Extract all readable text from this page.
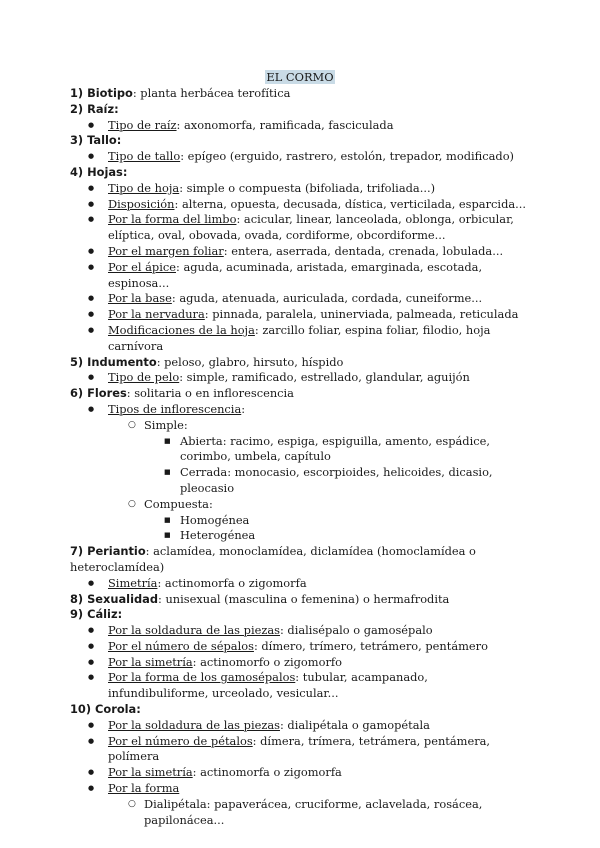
EL CORMO

1) Biotipo: planta herbácea terofítica

2) Raíz:

● Tipo de raíz: axonomorfa, ramificada, fasciculada

3) Tallo:

● Tipo de tallo: epígeo (erguido, rastrero, estolón, trepador, modificado)

4) Hojas:

● Tipo de hoja: simple o compuesta (bifoliada, trifoliada...)
● Disposición: alterna, opuesta, decusada, dística, verticilada, esparcida...
● Por la forma del limbo: acicular, linear, lanceolada, oblonga, orbicular, elíptica, oval, obovada, ovada, cordiforme, obcordiforme...
● Por el margen foliar: entera, aserrada, dentada, crenada, lobulada...
● Por el ápice: aguda, acuminada, aristada, emarginada, escotada, espinosa...
● Por la base: aguda, atenuada, auriculada, cordada, cuneiforme...
● Por la nervadura: pinnada, paralela, uninerviada, palmeada, reticulada
● Modificaciones de la hoja: zarcillo foliar, espina foliar, filodio, hoja carnívora

5) Indumento: peloso, glabro, hirsuto, híspido

● Tipo de pelo: simple, ramificado, estrellado, glandular, aguijón

6) Flores: solitaria o en inflorescencia

● Tipos de inflorescencia:
○ Simple:
■ Abierta: racimo, espiga, espiguilla, amento, espádice, corimbo, umbela, capítulo
■ Cerrada: monocasio, escorpioides, helicoides, dicasio, pleocasio
○ Compuesta:
■ Homogénea
■ Heterogénea

7) Periantio: aclamídea, monoclamídea, diclamídea (homoclamídea o heteroclamídea)

● Simetría: actinomorfa o zigomorfa

8) Sexualidad: unisexual (masculina o femenina) o hermafrodita

9) Cáliz:

● Por la soldadura de las piezas: dialisépalo o gamosépalo
● Por el número de sépalos: dímero, trímero, tetrámero, pentámero
● Por la simetría: actinomorfo o zigomorfo
● Por la forma de los gamosépalos: tubular, acampanado, infundibuliforme, urceolado, vesicular...

10) Corola:

● Por la soldadura de las piezas: dialipétala o gamopétala
● Por el número de pétalos: dímera, trímera, tetrámera, pentámera, polímera
● Por la simetría: actinomorfa o zigomorfa
● Por la forma
○ Dialipétala: papaverácea, cruciforme, aclavelada, rosácea, papilonácea...
